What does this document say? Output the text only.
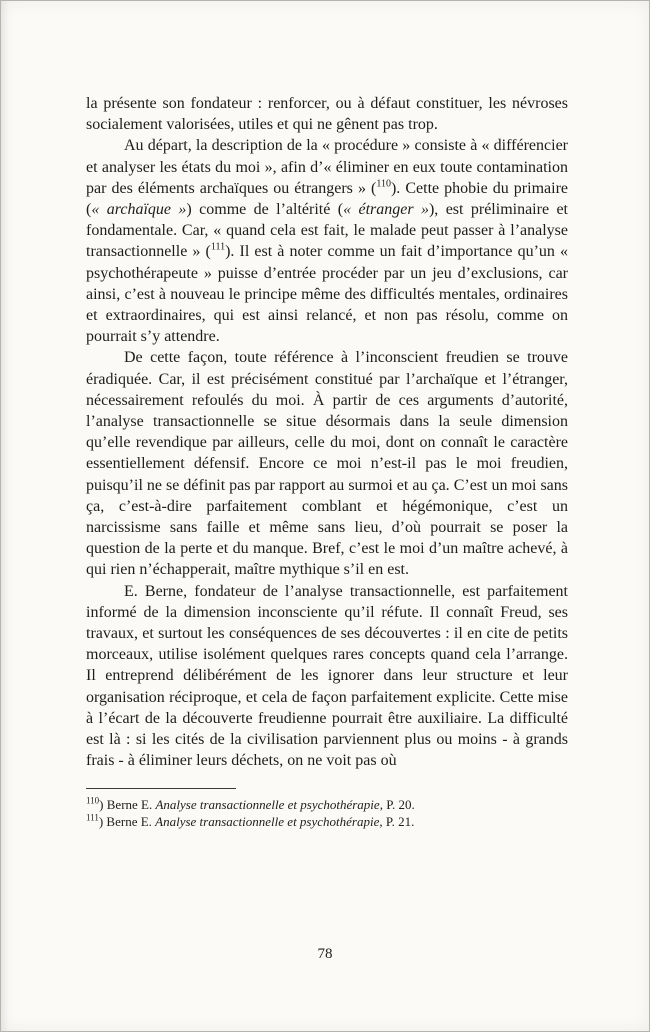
la présente son fondateur : renforcer, ou à défaut constituer, les névroses socialement valorisées, utiles et qui ne gênent pas trop.

Au départ, la description de la « procédure » consiste à « différencier et analyser les états du moi », afin d’« éliminer en eux toute contamination par des éléments archaïques ou étrangers » ($^{110}$). Cette phobie du primaire (« archaïque ») comme de l’altérité (« étranger »), est préliminaire et fondamentale. Car, « quand cela est fait, le malade peut passer à l’analyse transactionnelle » ($^{111}$). Il est à noter comme un fait d’importance qu’un « psychothérapeute » puisse d’entrée procéder par un jeu d’exclusions, car ainsi, c’est à nouveau le principe même des difficultés mentales, ordinaires et extraordinaires, qui est ainsi relancé, et non pas résolu, comme on pourrait s’y attendre.

De cette façon, toute référence à l’inconscient freudien se trouve éradiquée. Car, il est précisément constitué par l’archaïque et l’étranger, nécessairement refoulés du moi. À partir de ces arguments d’autorité, l’analyse transactionnelle se situe désormais dans la seule dimension qu’elle revendique par ailleurs, celle du moi, dont on connaît le caractère essentiellement défensif. Encore ce moi n’est-il pas le moi freudien, puisqu’il ne se définit pas par rapport au surmoi et au ça. C’est un moi sans ça, c’est-à-dire parfaitement comblant et hégémonique, c’est un narcissisme sans faille et même sans lieu, d’où pourrait se poser la question de la perte et du manque. Bref, c’est le moi d’un maître achevé, à qui rien n’échapperait, maître mythique s’il en est.

E. Berne, fondateur de l’analyse transactionnelle, est parfaitement informé de la dimension inconsciente qu’il réfute. Il connaît Freud, ses travaux, et surtout les conséquences de ses découvertes : il en cite de petits morceaux, utilise isolément quelques rares concepts quand cela l’arrange. Il entreprend délibérément de les ignorer dans leur structure et leur organisation réciproque, et cela de façon parfaitement explicite. Cette mise à l’écart de la découverte freudienne pourrait être auxiliaire. La difficulté est là : si les cités de la civilisation parviennent plus ou moins - à grands frais - à éliminer leurs déchets, on ne voit pas où

$^{110}$) Berne E. Analyse transactionnelle et psychothérapie, P. 20.
$^{111}$) Berne E. Analyse transactionnelle et psychothérapie, P. 21.
78
